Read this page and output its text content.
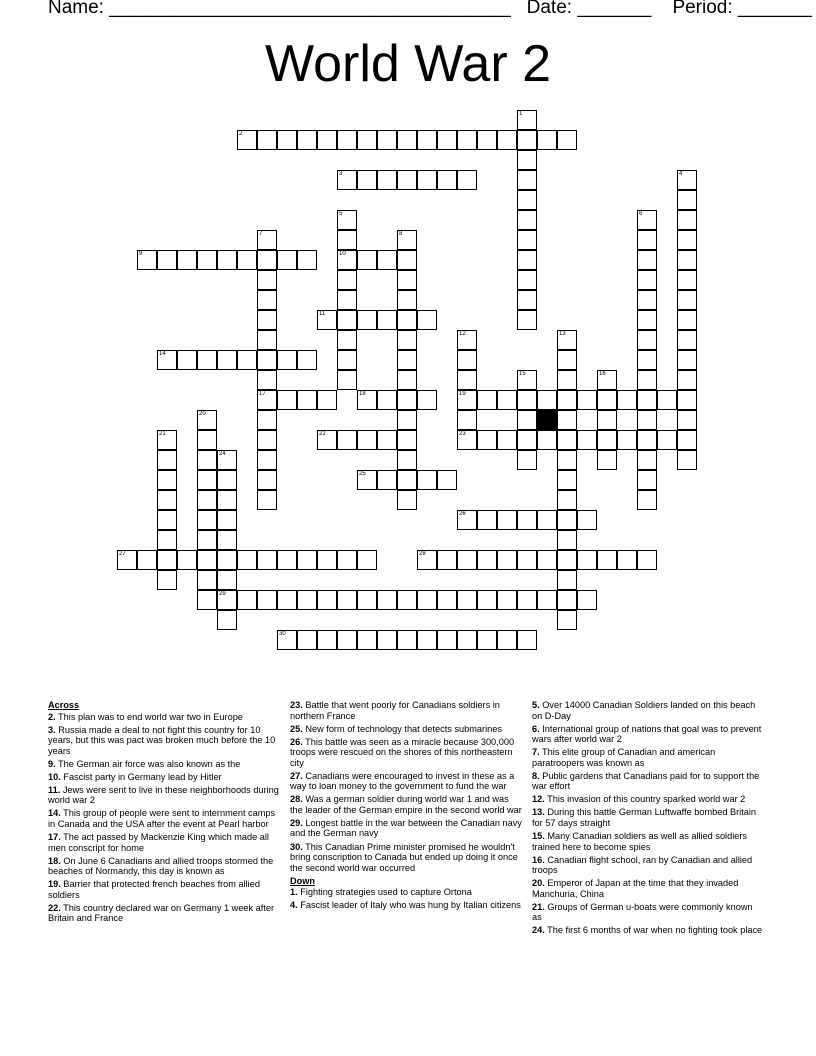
Name: ______________________________________ Date: _______ Period: _______
World War 2
2
3
9	10
11
14
17	18	19
22	23
25
26
27	28
29
30
1
4
5	6
7	8
12	13
15	16
20
21
24
Across
2. This plan was to end world war two in Europe
3. Russia made a deal to not fight this country for 10 years, but this was pact was broken much before the 10 years
9. The German air force was also known as the
10. Fascist party in Germany lead by Hitler
11. Jews were sent to live in these neighborhoods during world war 2
14. This group of people were sent to internment camps in Canada and the USA after the event at Pearl harbor
17. The act passed by Mackenzie King which made all men conscript for home
18. On June 6 Canadians and allied troops stormed the beaches of Normandy, this day is known as
19. Barrier that protected french beaches from allied soldiers
22. This country declared war on Germany 1 week after Britain and France
23. Battle that went poorly for Canadians soldiers in northern France
25. New form of technology that detects submarines
26. This battle was seen as a miracle because 300,000 troops were rescued on the shores of this northeastern city
27. Canadians were encouraged to invest in these as a way to loan money to the government to fund the war
28. Was a german soldier during world war 1 and was the leader of the German empire in the second world war
29. Longest battle in the war between the Canadian navy and the German navy
30. This Canadian Prime minister promised he wouldn't bring conscription to Canada but ended up doing it once the second world war occurred
Down
1. Fighting strategies used to capture Ortona
4. Fascist leader of Italy who was hung by Italian citizens
5. Over 14000 Canadian Soldiers landed on this beach on D-Day
6. International group of nations that goal was to prevent wars after world war 2
7. This elite group of Canadian and american paratroopers was known as
8. Public gardens that Canadians paid for to support the war effort
12. This invasion of this country sparked world war 2
13. During this battle German Luftwaffe bombed Britain for 57 days straight
15. Many Canadian soldiers as well as allied soldiers trained here to become spies
16. Canadian flight school, ran by Canadian and allied troops
20. Emperor of Japan at the time that they invaded Manchuria, China
21. Groups of German u-boats were commonly known as
24. The first 6 months of war when no fighting took place
